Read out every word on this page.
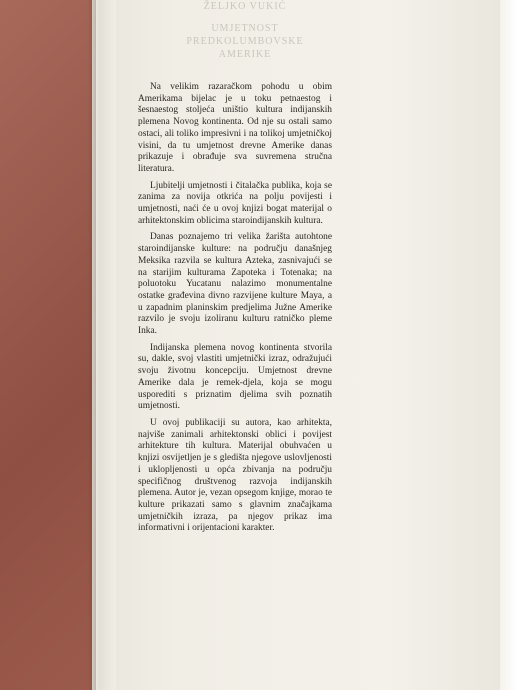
ŽELJKO VUKIĆ
UMJETNOST
PREDKOLUMBOVSKE
AMERIKE

Na velikim razaračkom pohodu u obim Amerikama bijelac je u toku petnaestog i šesnaestog stoljeća uništio kultura indijanskih plemena Novog kontinenta. Od nje su ostali samo ostaci, ali toliko impresivni i na tolikoj umjetničkoj visini, da tu umjetnost drevne Amerike danas prikazuje i obrađuje sva suvremena stručna literatura.

Ljubitelji umjetnosti i čitalačka publika, koja se zanima za novija otkrića na polju povijesti i umjetnosti, naći će u ovoj knjizi bogat materijal o arhitektonskim oblicima staroindijanskih kultura.

Danas poznajemo tri velika žarišta autohtone staroindijanske kulture: na području današnjeg Meksika razvila se kultura Azteka, zasnivajući se na starijim kulturama Zapoteka i Totenaka; na poluotoku Yucatanu nalazimo monumentalne ostatke građevina divno razvijene kulture Maya, a u zapadnim planinskim predjelima Južne Amerike razvilo je svoju izoliranu kulturu ratničko pleme Inka.

Indijanska plemena novog kontinenta stvorila su, dakle, svoj vlastiti umjetnički izraz, odražujući svoju životnu koncepciju. Umjetnost drevne Amerike dala je remek-djela, koja se mogu usporediti s priznatim djelima svih poznatih umjetnosti.

U ovoj publikaciji su autora, kao arhitekta, najviše zanimali arhitektonski oblici i povijest arhitekture tih kultura. Materijal obuhvaćen u knjizi osvijetljen je s gledišta njegove uslovljenosti i uklopljenosti u opća zbivanja na području specifičnog društvenog razvoja indijanskih plemena. Autor je, vezan opsegom knjige, morao te kulture prikazati samo s glavnim značajkama umjetničkih izraza, pa njegov prikaz ima informativni i orijentacioni karakter.
